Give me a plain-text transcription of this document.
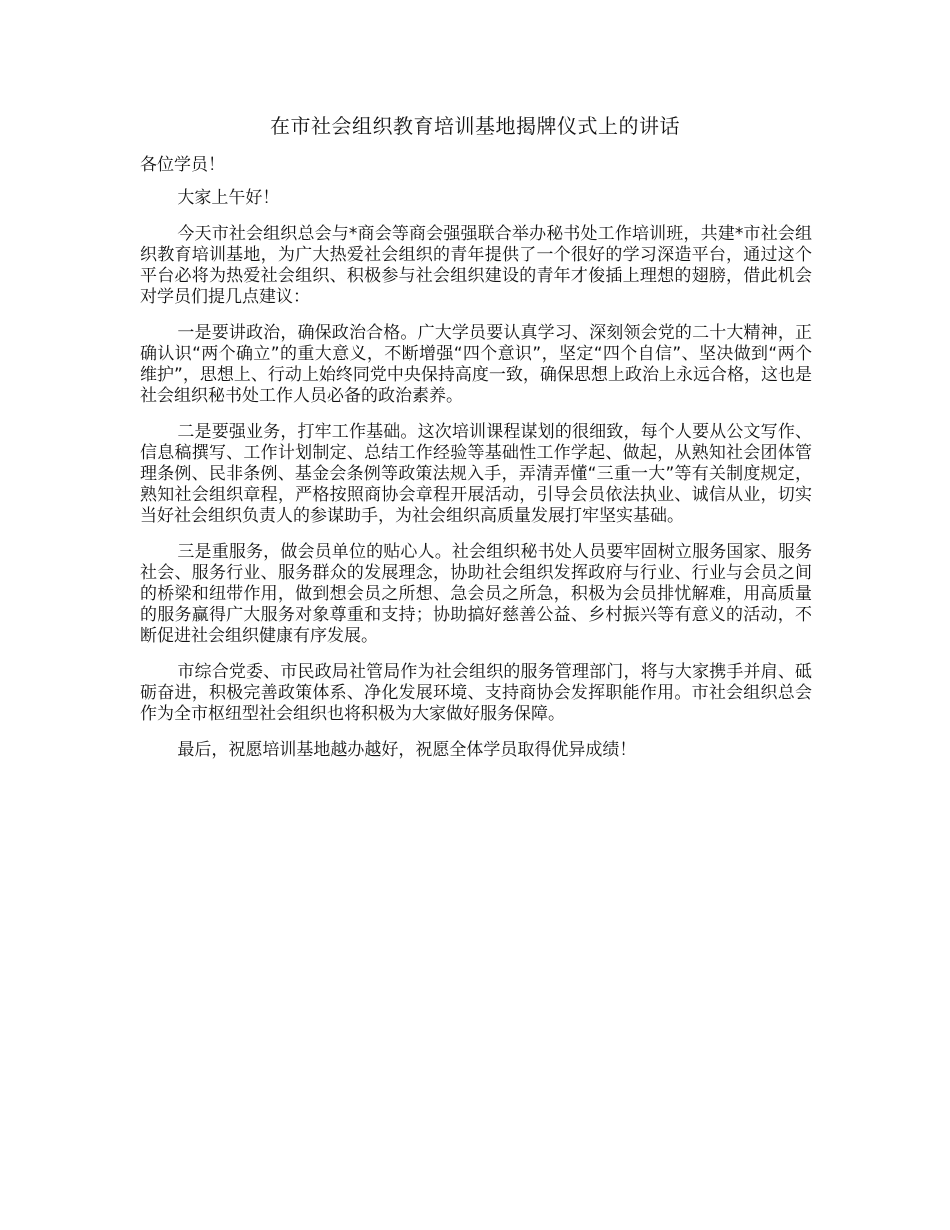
在市社会组织教育培训基地揭牌仪式上的讲话

各位学员！

大家上午好！

今天市社会组织总会与*商会等商会强强联合举办秘书处工作培训班，共建*市社会组织教育培训基地，为广大热爱社会组织的青年提供了一个很好的学习深造平台，通过这个平台必将为热爱社会组织、积极参与社会组织建设的青年才俊插上理想的翅膀，借此机会对学员们提几点建议：

一是要讲政治，确保政治合格。广大学员要认真学习、深刻领会党的二十大精神，正确认识“两个确立”的重大意义，不断增强“四个意识”，坚定“四个自信”、坚决做到“两个维护”，思想上、行动上始终同党中央保持高度一致，确保思想上政治上永远合格，这也是社会组织秘书处工作人员必备的政治素养。

二是要强业务，打牢工作基础。这次培训课程谋划的很细致，每个人要从公文写作、信息稿撰写、工作计划制定、总结工作经验等基础性工作学起、做起，从熟知社会团体管理条例、民非条例、基金会条例等政策法规入手，弄清弄懂“三重一大”等有关制度规定，熟知社会组织章程，严格按照商协会章程开展活动，引导会员依法执业、诚信从业，切实当好社会组织负责人的参谋助手，为社会组织高质量发展打牢坚实基础。

三是重服务，做会员单位的贴心人。社会组织秘书处人员要牢固树立服务国家、服务社会、服务行业、服务群众的发展理念，协助社会组织发挥政府与行业、行业与会员之间的桥梁和纽带作用，做到想会员之所想、急会员之所急，积极为会员排忧解难，用高质量的服务赢得广大服务对象尊重和支持；协助搞好慈善公益、乡村振兴等有意义的活动，不断促进社会组织健康有序发展。

市综合党委、市民政局社管局作为社会组织的服务管理部门，将与大家携手并肩、砥砺奋进，积极完善政策体系、净化发展环境、支持商协会发挥职能作用。市社会组织总会作为全市枢纽型社会组织也将积极为大家做好服务保障。

最后，祝愿培训基地越办越好，祝愿全体学员取得优异成绩！
